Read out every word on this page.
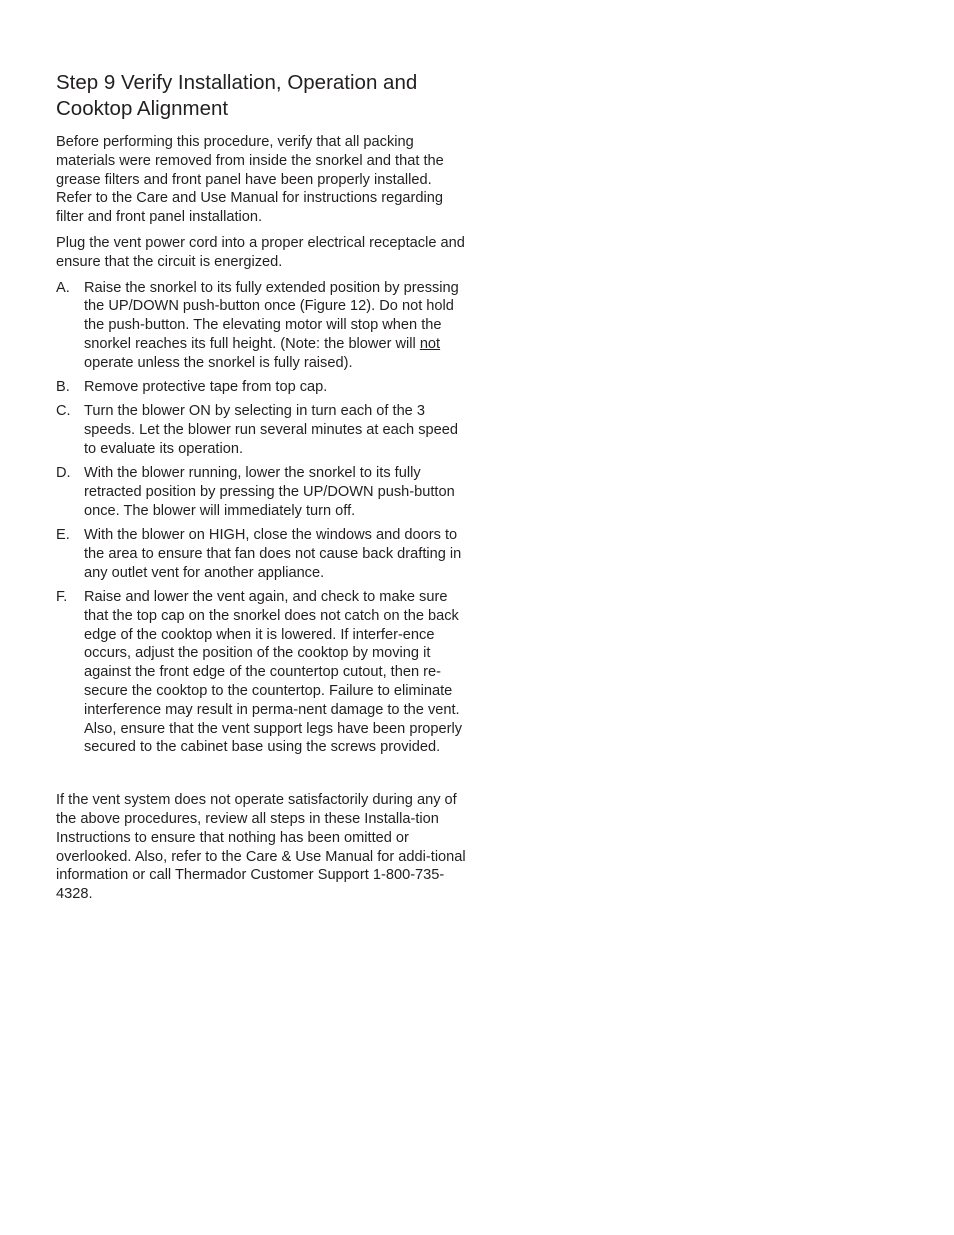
Step 9 Verify Installation, Operation and Cooktop Alignment

Before performing this procedure, verify that all packing materials were removed from inside the snorkel and that the grease filters and front panel have been properly installed. Refer to the Care and Use Manual for instructions regarding filter and front panel installation.

Plug the vent power cord into a proper electrical receptacle and ensure that the circuit is energized.

A. Raise the snorkel to its fully extended position by pressing the UP/DOWN push-button once (Figure 12). Do not hold the push-button. The elevating motor will stop when the snorkel reaches its full height. (Note: the blower will not operate unless the snorkel is fully raised).
B. Remove protective tape from top cap.
C. Turn the blower ON by selecting in turn each of the 3 speeds. Let the blower run several minutes at each speed to evaluate its operation.
D. With the blower running, lower the snorkel to its fully retracted position by pressing the UP/DOWN push-button once. The blower will immediately turn off.
E. With the blower on HIGH, close the windows and doors to the area to ensure that fan does not cause back drafting in any outlet vent for another appliance.
F.	Raise and lower the vent again, and check to make sure that the top cap on the snorkel does not catch on the back edge of the cooktop when it is lowered. If interfer-ence occurs, adjust the position of the cooktop by moving it against the front edge of the countertop cutout, then re-secure the cooktop to the countertop. Failure to eliminate interference may result in perma-nent damage to the vent. Also, ensure that the vent support legs have been properly secured to the cabinet base using the screws provided.

If the vent system does not operate satisfactorily during any of the above procedures, review all steps in these Installa-tion Instructions to ensure that nothing has been omitted or overlooked. Also, refer to the Care & Use Manual for addi-tional information or call Thermador Customer Support 1-800-735-4328.
